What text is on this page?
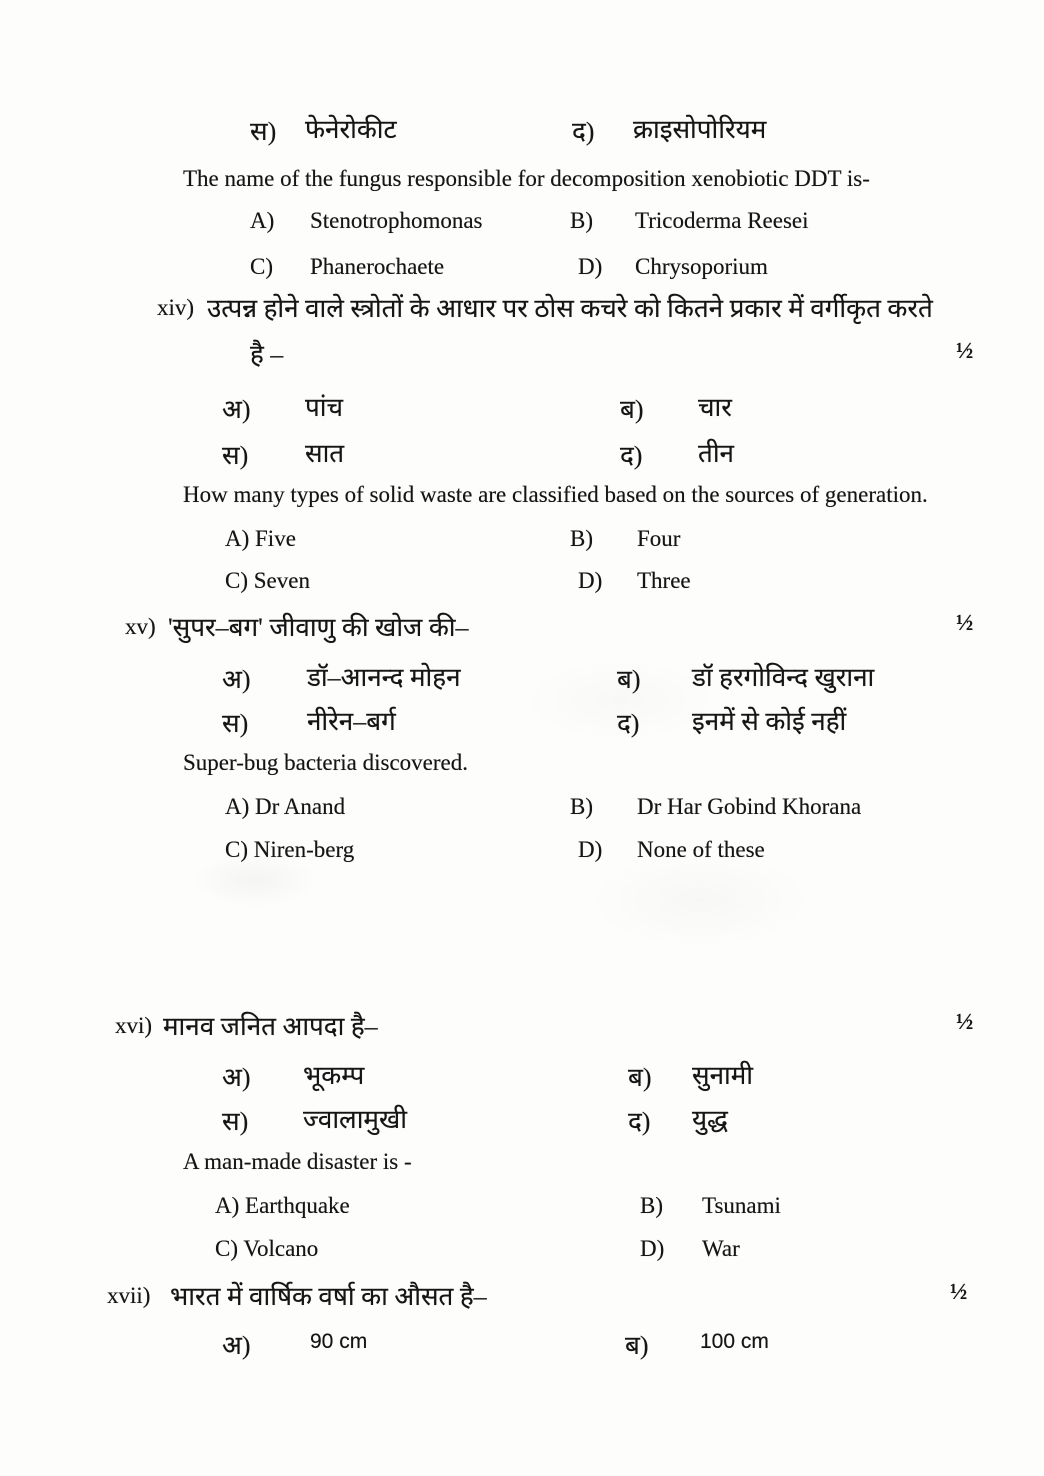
स) फेनेरोकीट	द) क्राइसोपोरियम
The name of the fungus responsible for decomposition xenobiotic DDT is-
A) Stenotrophomonas	B) Tricoderma Reesei
C) Phanerochaete	D) Chrysoporium
xiv) उत्पन्न होने वाले स्त्रोतों के आधार पर ठोस कचरे को कितने प्रकार में वर्गीकृत करते
है –	½
अ) पांच	ब) चार
स) सात	द) तीन
How many types of solid waste are classified based on the sources of generation.
A) Five	B) Four
C) Seven	D) Three
xv) 'सुपर–बग' जीवाणु की खोज की–	½
अ) डॉ–आनन्द मोहन	ब) डॉ हरगोविन्द खुराना
स) नीरेन–बर्ग	द) इनमें से कोई नहीं
Super-bug bacteria discovered.
A) Dr Anand	B) Dr Har Gobind Khorana
C) Niren-berg	D) None of these
xvi) मानव जनित आपदा है–	½
अ) भूकम्प	ब) सुनामी
स) ज्वालामुखी	द) युद्ध
A man-made disaster is -
A) Earthquake	B) Tsunami
C) Volcano	D) War
xvii) भारत में वार्षिक वर्षा का औसत है–	½
अ)	90 cm	ब) 100 cm
